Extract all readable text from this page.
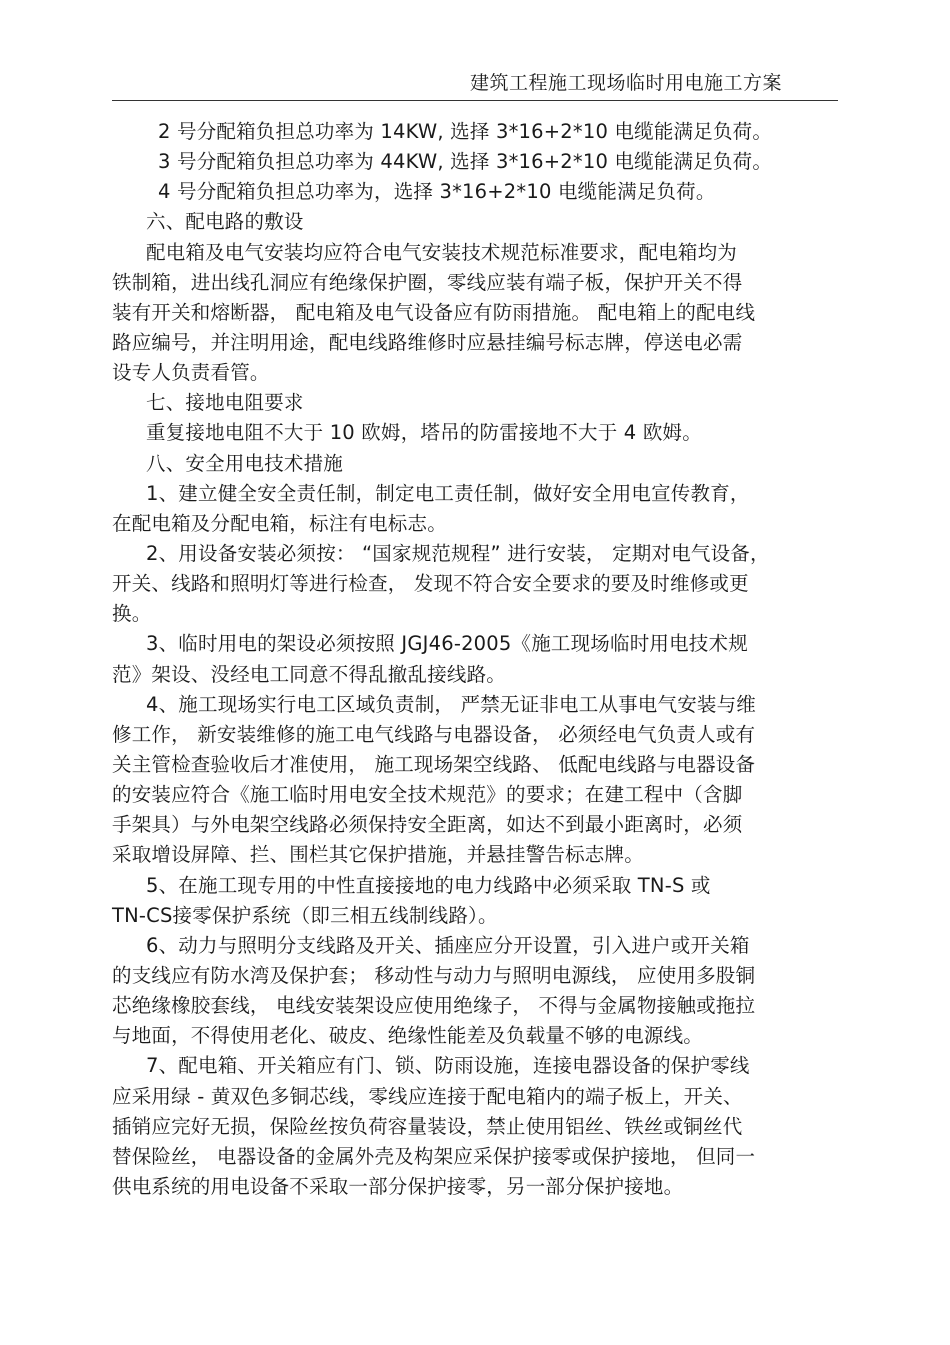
建筑工程施工现场临时用电施工方案
2 号分配箱负担总功率为 14KW, 选择 3*16+2*10 电缆能满足负荷。
3 号分配箱负担总功率为 44KW, 选择 3*16+2*10 电缆能满足负荷。
4 号分配箱负担总功率为，选择 3*16+2*10 电缆能满足负荷。
六、配电路的敷设
配电箱及电气安装均应符合电气安装技术规范标准要求，配电箱均为
铁制箱，进出线孔洞应有绝缘保护圈，零线应装有端子板，保护开关不得
装有开关和熔断器， 配电箱及电气设备应有防雨措施。 配电箱上的配电线
路应编号，并注明用途，配电线路维修时应悬挂编号标志牌，停送电必需
设专人负责看管。
七、接地电阻要求
重复接地电阻不大于 10 欧姆，塔吊的防雷接地不大于 4 欧姆。
八、安全用电技术措施
1、建立健全安全责任制，制定电工责任制，做好安全用电宣传教育，
在配电箱及分配电箱，标注有电标志。
2、用设备安装必须按： “国家规范规程” 进行安装， 定期对电气设备，
开关、线路和照明灯等进行检查， 发现不符合安全要求的要及时维修或更
换。
3、临时用电的架设必须按照 JGJ46-2005《施工现场临时用电技术规
范》架设、没经电工同意不得乱撤乱接线路。
4、施工现场实行电工区域负责制， 严禁无证非电工从事电气安装与维
修工作， 新安装维修的施工电气线路与电器设备， 必须经电气负责人或有
关主管检查验收后才准使用， 施工现场架空线路、 低配电线路与电器设备
的安装应符合《施工临时用电安全技术规范》的要求；在建工程中（含脚
手架具）与外电架空线路必须保持安全距离，如达不到最小距离时，必须
采取增设屏障、拦、围栏其它保护措施，并悬挂警告标志牌。
5、在施工现专用的中性直接接地的电力线路中必须采取 TN-S 或
TN-CS接零保护系统（即三相五线制线路）。
6、动力与照明分支线路及开关、插座应分开设置，引入进户或开关箱
的支线应有防水湾及保护套； 移动性与动力与照明电源线， 应使用多股铜
芯绝缘橡胶套线， 电线安装架设应使用绝缘子， 不得与金属物接触或拖拉
与地面，不得使用老化、破皮、绝缘性能差及负载量不够的电源线。
7、配电箱、开关箱应有门、锁、防雨设施，连接电器设备的保护零线
应采用绿 - 黄双色多铜芯线，零线应连接于配电箱内的端子板上，开关、
插销应完好无损，保险丝按负荷容量装设，禁止使用铝丝、铁丝或铜丝代
替保险丝， 电器设备的金属外壳及构架应采保护接零或保护接地， 但同一
供电系统的用电设备不采取一部分保护接零，另一部分保护接地。
